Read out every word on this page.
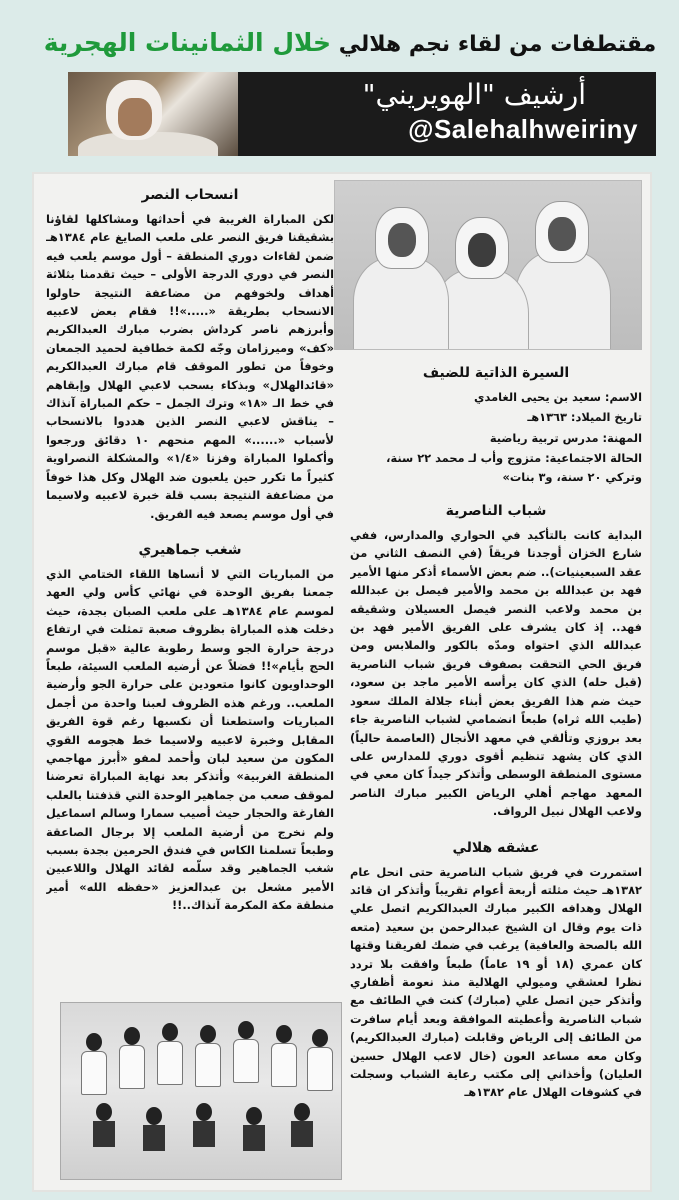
مقتطفات من لقاء نجم هلالي خلال الثمانينات الهجرية
أرشيف "الهويريني"
@Salehalhweiriny
انسحاب النصر

لكن المباراة الغريبة في أحداثها ومشاكلها لقاؤنا بشقيقنا فريق النصر على ملعب الصايغ عام ١٣٨٤هـ ضمن لقاءات دوري المنطقة – أول موسم يلعب فيه النصر في دوري الدرجة الأولى – حيث تقدمنا بثلاثة أهداف ولخوفهم من مضاعفة النتيجة حاولوا الانسحاب بطريقة «.....»!! فقام بعض لاعبيه وأبرزهم ناصر كرداش بضرب مبارك العبدالكريم «كف» وميرزامان وجّه لكمة خطافية لحميد الجمعان وخوفاً من تطور الموقف قام مبارك العبدالكريم «قائدالهلال» وبذكاء بسحب لاعبي الهلال وإبقاهم في خط الـ «١٨» وترك الجمل – حكم المباراة آنذاك – يناقش لاعبي النصر الذين هددوا بالانسحاب لأسباب «......» المهم منحهم ١٠ دقائق ورجعوا وأكملوا المباراة وفزنا «١/٤» والمشكلة النصراوية كثيراً ما تكرر حين يلعبون ضد الهلال وكل هذا خوفاً من مضاعفة النتيجة بسب قلة خبرة لاعبيه ولاسيما في أول موسم يصعد فيه الفريق.

شغب جماهيري

من المباريات التي لا أنساها اللقاء الختامي الذي جمعنا بفريق الوحدة في نهائي كأس ولي العهد لموسم عام ١٣٨٤هـ على ملعب الصبان بجدة، حيث دخلت هذه المباراة بظروف صعبة تمثلت في ارتفاع درجة حرارة الجو وسط رطوبة عالية «قبل موسم الحج بأيام»!! فضلاً عن أرضيه الملعب السيئة، طبعاً الوحداويون كانوا متعودين على حرارة الجو وأرضية الملعب.. ورغم هذه الظروف لعبنا واحدة من أجمل المباريات واستطعنا أن نكسبها رغم قوة الفريق المقابل وخبرة لاعبيه ولاسيما خط هجومه القوي المكون من سعيد لبان وأحمد لمفو «أبرز مهاجمي المنطقة الغربية» وأتذكر بعد نهاية المباراة تعرضنا لموقف صعب من جماهير الوحدة التي قذفتنا بالعلب الفارغة والحجار حيث أصيب سمارا وسالم اسماعيل ولم نخرج من أرضية الملعب إلا برجال الصاعقة وطبعاً تسلمنا الكاس في فندق الحرمين بجدة بسبب شغب الجماهير وقد سلّمه لقائد الهلال واللاعبين الأمير مشعل بن عبدالعزيز «حفظه الله» أمير منطقة مكة المكرمة آنذاك..!!

السيرة الذاتية للضيف
الاسم: سعيد بن يحيى الغامدي
تاريخ الميلاد: ١٣٦٣هـ
المهنة: مدرس تربية رياضية
الحالة الاجتماعية: متزوج وأب لـ محمد ٢٢ سنة، وتركي ٢٠ سنة، و٣ بنات»
شباب الناصرية

البداية كانت بالتأكيد في الحواري والمدارس، ففي شارع الخزان أوجدنا فريقاً (في النصف الثاني من عقد السبعينيات).. ضم بعض الأسماء أذكر منها الأمير فهد بن عبدالله بن محمد والأمير فيصل بن عبدالله بن محمد ولاعب النصر فيصل العسيلان وشقيقه فهد.. إذ كان يشرف على الفريق الأمير فهد بن عبدالله الذي احتواه ومدّه بالكور والملابس ومن فريق الحي التحقت بصفوف فريق شباب الناصرية (قبل حله) الذي كان يرأسه الأمير ماجد بن سعود، حيث ضم هذا الفريق بعض أبناء جلالة الملك سعود (طيب الله ثراه) طبعاً انضمامي لشباب الناصرية جاء بعد بروزي وتألقي في معهد الأنجال (العاصمة حالياً) الذي كان يشهد تنظيم أقوى دوري للمدارس على مستوى المنطقة الوسطى وأتذكر جيداً كان معي في المعهد مهاجم أهلي الرياض الكبير مبارك الناصر ولاعب الهلال نبيل الرواف.

عشقه هلالي

استمررت في فريق شباب الناصرية حتى انحل عام ١٣٨٢هـ حيث مثلته أربعة أعوام تقريباً وأتذكر ان قائد الهلال وهدافه الكبير مبارك العبدالكريم اتصل علي ذات يوم وقال ان الشيخ عبدالرحمن بن سعيد (متعه الله بالصحة والعافية) يرغب في ضمك لفريقنا وقتها كان عمري (١٨ أو ١٩ عاماً) طبعاً وافقت بلا تردد نظرا لعشقي وميولي الهلالية منذ نعومة أظفاري وأتذكر حين اتصل علي (مبارك) كنت في الطائف مع شباب الناصرية وأعطيته الموافقة وبعد أيام سافرت من الطائف إلى الرياض وقابلت (مبارك العبدالكريم) وكان معه مساعد العون (خال لاعب الهلال حسين العليان) وأخذاني إلى مكتب رعاية الشباب وسجلت في كشوفات الهلال عام ١٣٨٢هـ
